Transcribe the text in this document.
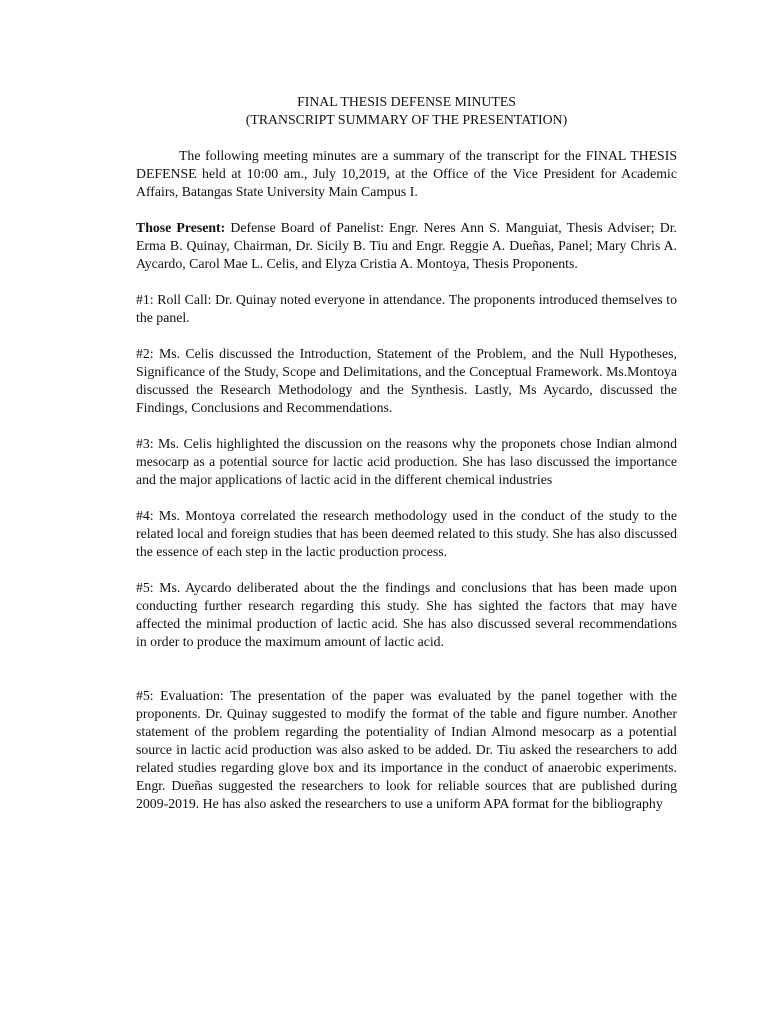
FINAL THESIS DEFENSE MINUTES

(TRANSCRIPT SUMMARY OF THE PRESENTATION)

The following meeting minutes are a summary of the transcript for the FINAL THESIS DEFENSE held at 10:00 am., July 10,2019, at the Office of the Vice President for Academic Affairs, Batangas State University Main Campus I.

Those Present: Defense Board of Panelist: Engr. Neres Ann S. Manguiat, Thesis Adviser; Dr. Erma B. Quinay, Chairman, Dr. Sicily B. Tiu and Engr. Reggie A. Dueñas, Panel; Mary Chris A. Aycardo, Carol Mae L. Celis, and Elyza Cristia A. Montoya, Thesis Proponents.

#1: Roll Call: Dr. Quinay noted everyone in attendance. The proponents introduced themselves to the panel.

#2: Ms. Celis discussed the Introduction, Statement of the Problem, and the Null Hypotheses, Significance of the Study, Scope and Delimitations, and the Conceptual Framework. Ms.Montoya discussed the Research Methodology and the Synthesis. Lastly, Ms Aycardo, discussed the Findings, Conclusions and Recommendations.

#3: Ms. Celis highlighted the discussion on the reasons why the proponets chose Indian almond mesocarp as a potential source for lactic acid production. She has laso discussed the importance and the major applications of lactic acid in the different chemical industries

#4: Ms. Montoya correlated the research methodology used in the conduct of the study to the related local and foreign studies that has been deemed related to this study. She has also discussed the essence of each step in the lactic production process.

#5: Ms. Aycardo deliberated about the the findings and conclusions that has been made upon conducting further research regarding this study. She has sighted the factors that may have affected the minimal production of lactic acid. She has also discussed several recommendations in order to produce the maximum amount of lactic acid.

#5: Evaluation: The presentation of the paper was evaluated by the panel together with the proponents. Dr. Quinay suggested to modify the format of the table and figure number. Another statement of the problem regarding the potentiality of Indian Almond mesocarp as a potential source in lactic acid production was also asked to be added. Dr. Tiu asked the researchers to add related studies regarding glove box and its importance in the conduct of anaerobic experiments. Engr. Dueñas suggested the researchers to look for reliable sources that are published during 2009-2019. He has also asked the researchers to use a uniform APA format for the bibliography
